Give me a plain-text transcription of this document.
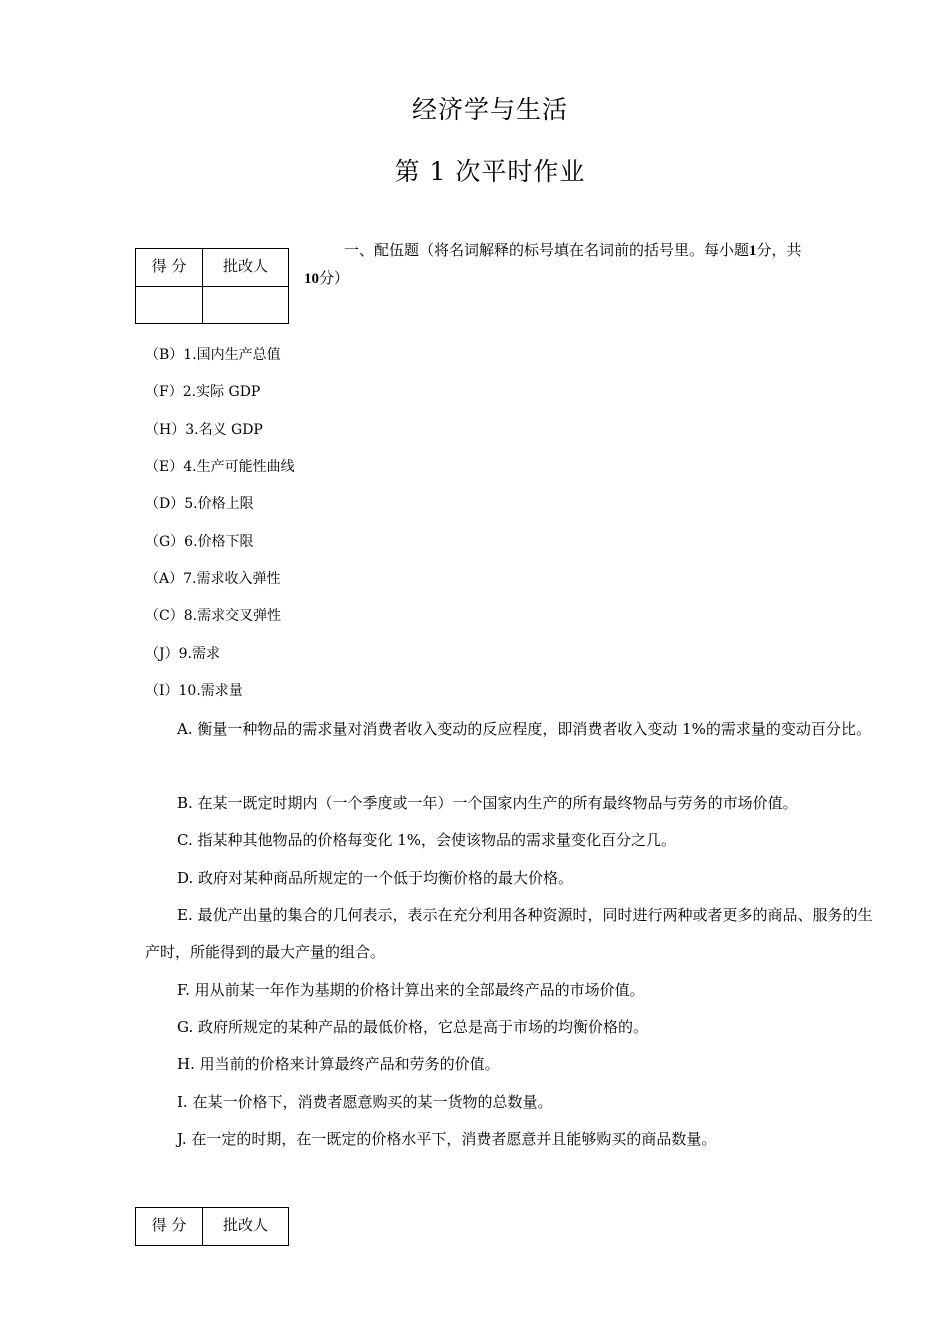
经济学与生活
第 1 次平时作业
得 分	批改人

一、配伍题（将名词解释的标号填在名词前的括号里。每小题1分，共
10分）
（B）1.国内生产总值
（F）2.实际 GDP
（H）3.名义 GDP
（E）4.生产可能性曲线
（D）5.价格上限
（G）6.价格下限
（A）7.需求收入弹性
（C）8.需求交叉弹性
（J）9.需求
（I）10.需求量

A. 衡量一种物品的需求量对消费者收入变动的反应程度，即消费者收入变动 1%的需求量的变动百分比。

B. 在某一既定时期内（一个季度或一年）一个国家内生产的所有最终物品与劳务的市场价值。

C. 指某种其他物品的价格每变化 1%，会使该物品的需求量变化百分之几。

D. 政府对某种商品所规定的一个低于均衡价格的最大价格。

E. 最优产出量的集合的几何表示，表示在充分利用各种资源时，同时进行两种或者更多的商品、服务的生产时，所能得到的最大产量的组合。

F. 用从前某一年作为基期的价格计算出来的全部最终产品的市场价值。

G. 政府所规定的某种产品的最低价格，它总是高于市场的均衡价格的。

H. 用当前的价格来计算最终产品和劳务的价值。

I. 在某一价格下，消费者愿意购买的某一货物的总数量。

J. 在一定的时期，在一既定的价格水平下，消费者愿意并且能够购买的商品数量。

得 分	批改人
